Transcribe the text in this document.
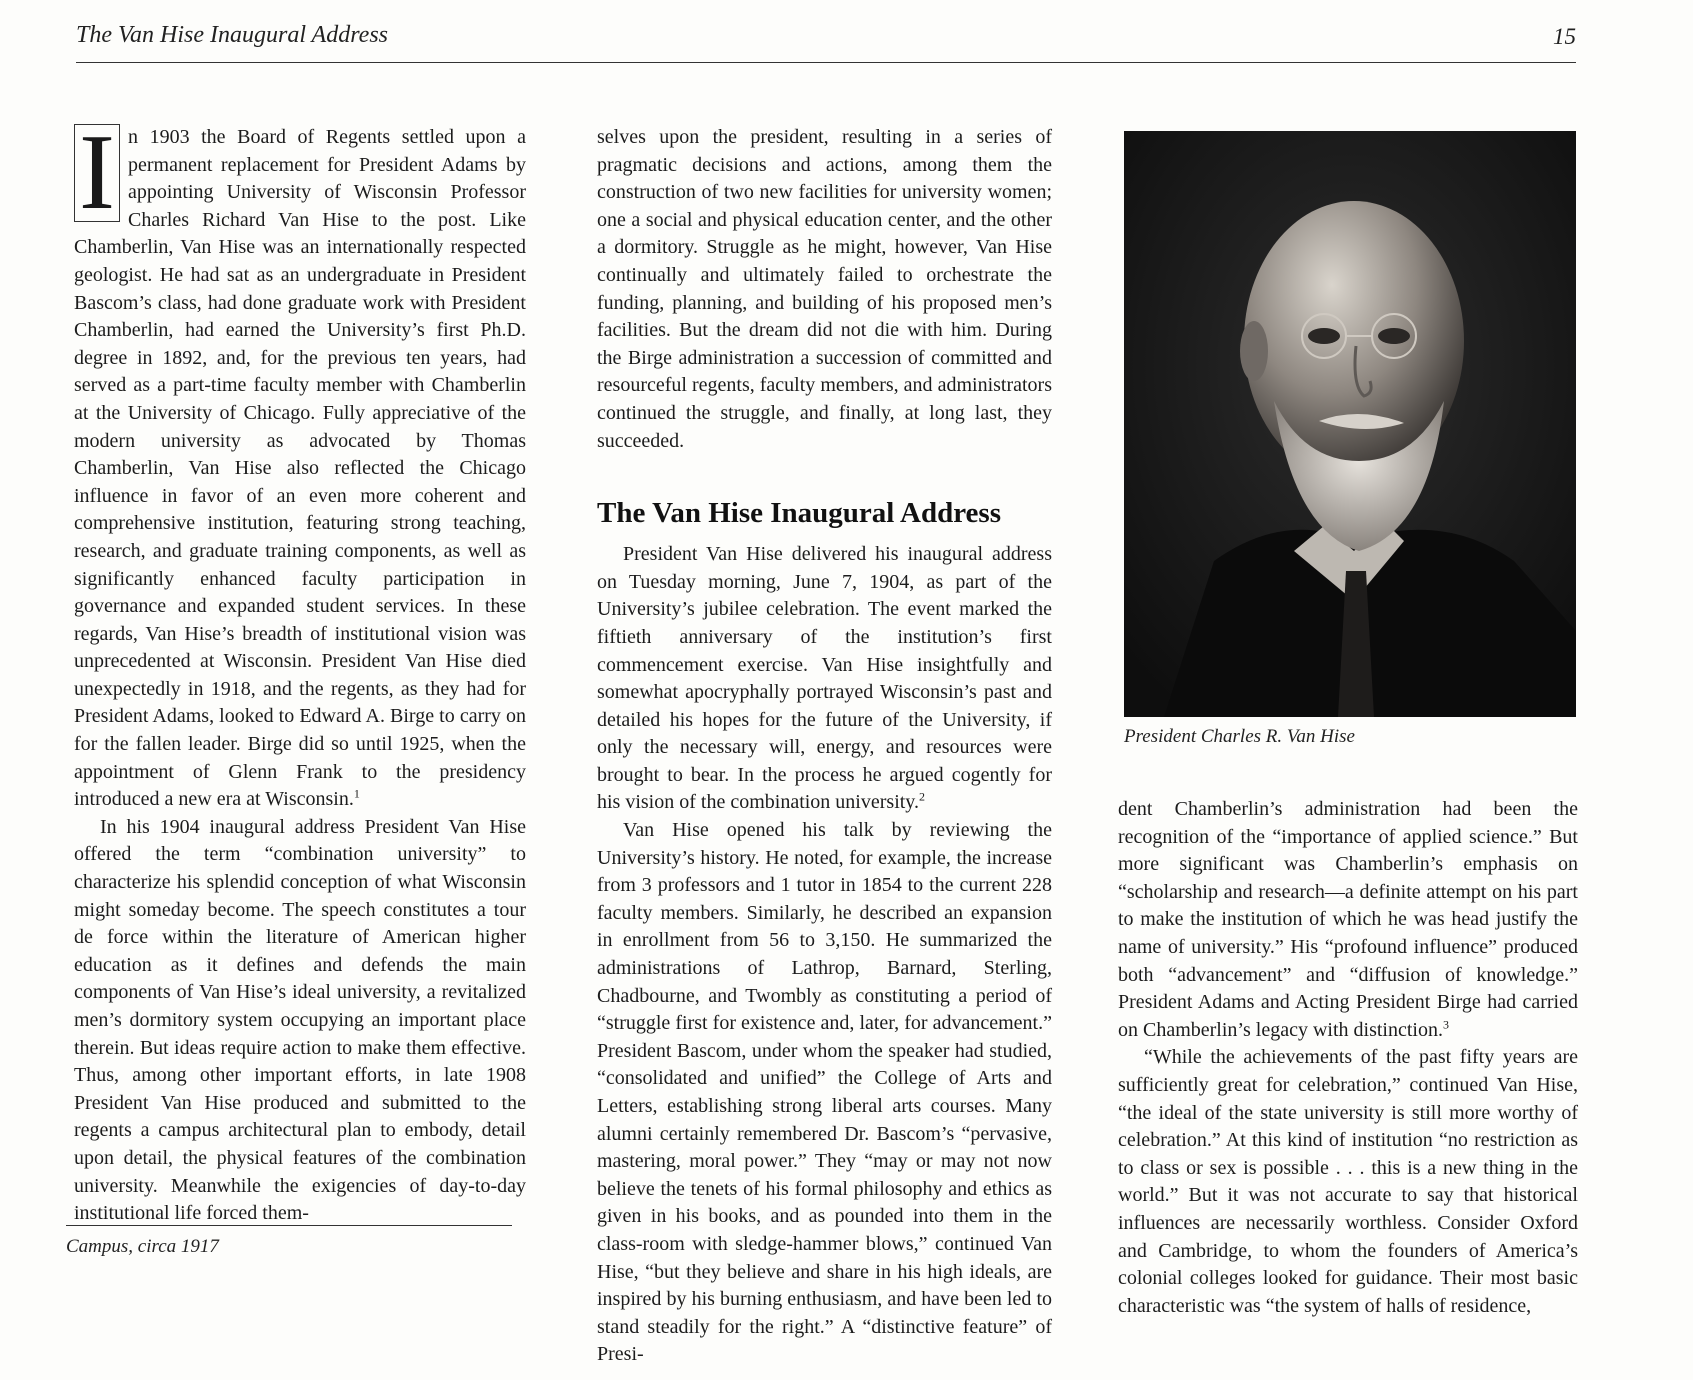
The Van Hise Inaugural Address	15

I n 1903 the Board of Regents settled upon a permanent replacement for President Adams by appointing University of Wisconsin Professor Charles Richard Van Hise to the post. Like Chamberlin, Van Hise was an internationally respected geologist. He had sat as an undergraduate in President Bascom’s class, had done graduate work with President Chamberlin, had earned the University’s first Ph.D. degree in 1892, and, for the previous ten years, had served as a part-time faculty member with Chamberlin at the University of Chicago. Fully appreciative of the modern university as advocated by Thomas Chamberlin, Van Hise also reflected the Chicago influence in favor of an even more coherent and comprehensive institution, featuring strong teaching, research, and graduate training components, as well as significantly enhanced faculty participation in governance and expanded student services. In these regards, Van Hise’s breadth of institutional vision was unprecedented at Wisconsin. President Van Hise died unexpectedly in 1918, and the regents, as they had for President Adams, looked to Edward A. Birge to carry on for the fallen leader. Birge did so until 1925, when the appointment of Glenn Frank to the presidency introduced a new era at Wisconsin.$^1$

In his 1904 inaugural address President Van Hise offered the term “combination university” to characterize his splendid conception of what Wisconsin might someday become. The speech constitutes a tour de force within the literature of American higher education as it defines and defends the main components of Van Hise’s ideal university, a revitalized men’s dormitory system occupying an important place therein. But ideas require action to make them effective. Thus, among other important efforts, in late 1908 President Van Hise produced and submitted to the regents a campus architectural plan to embody, detail upon detail, the physical features of the combination university. Meanwhile the exigencies of day-to-day institutional life forced them-

Campus, circa 1917

selves upon the president, resulting in a series of pragmatic decisions and actions, among them the construction of two new facilities for university women; one a social and physical education center, and the other a dormitory. Struggle as he might, however, Van Hise continually and ultimately failed to orchestrate the funding, planning, and building of his proposed men’s facilities. But the dream did not die with him. During the Birge administration a succession of committed and resourceful regents, faculty members, and administrators continued the struggle, and finally, at long last, they succeeded.

The Van Hise Inaugural Address

President Van Hise delivered his inaugural address on Tuesday morning, June 7, 1904, as part of the University’s jubilee celebration. The event marked the fiftieth anniversary of the institution’s first commencement exercise. Van Hise insightfully and somewhat apocryphally portrayed Wisconsin’s past and detailed his hopes for the future of the University, if only the necessary will, energy, and resources were brought to bear. In the process he argued cogently for his vision of the combination university.$^2$

Van Hise opened his talk by reviewing the University’s history. He noted, for example, the increase from 3 professors and 1 tutor in 1854 to the current 228 faculty members. Similarly, he described an expansion in enrollment from 56 to 3,150. He summarized the administrations of Lathrop, Barnard, Sterling, Chadbourne, and Twombly as constituting a period of “struggle first for existence and, later, for advancement.” President Bascom, under whom the speaker had studied, “consolidated and unified” the College of Arts and Letters, establishing strong liberal arts courses. Many alumni certainly remembered Dr. Bascom’s “pervasive, mastering, moral power.” They “may or may not now believe the tenets of his formal philosophy and ethics as given in his books, and as pounded into them in the class-room with sledge-hammer blows,” continued Van Hise, “but they believe and share in his high ideals, are inspired by his burning enthusiasm, and have been led to stand steadily for the right.” A “distinctive feature” of Presi-

President Charles R. Van Hise

dent Chamberlin’s administration had been the recognition of the “importance of applied science.” But more significant was Chamberlin’s emphasis on “scholarship and research—a definite attempt on his part to make the institution of which he was head justify the name of university.” His “profound influence” produced both “advancement” and “diffusion of knowledge.” President Adams and Acting President Birge had carried on Chamberlin’s legacy with distinction.$^3$

“While the achievements of the past fifty years are sufficiently great for celebration,” continued Van Hise, “the ideal of the state university is still more worthy of celebration.” At this kind of institution “no restriction as to class or sex is possible . . . this is a new thing in the world.” But it was not accurate to say that historical influences are necessarily worthless. Consider Oxford and Cambridge, to whom the founders of America’s colonial colleges looked for guidance. Their most basic characteristic was “the system of halls of residence,
